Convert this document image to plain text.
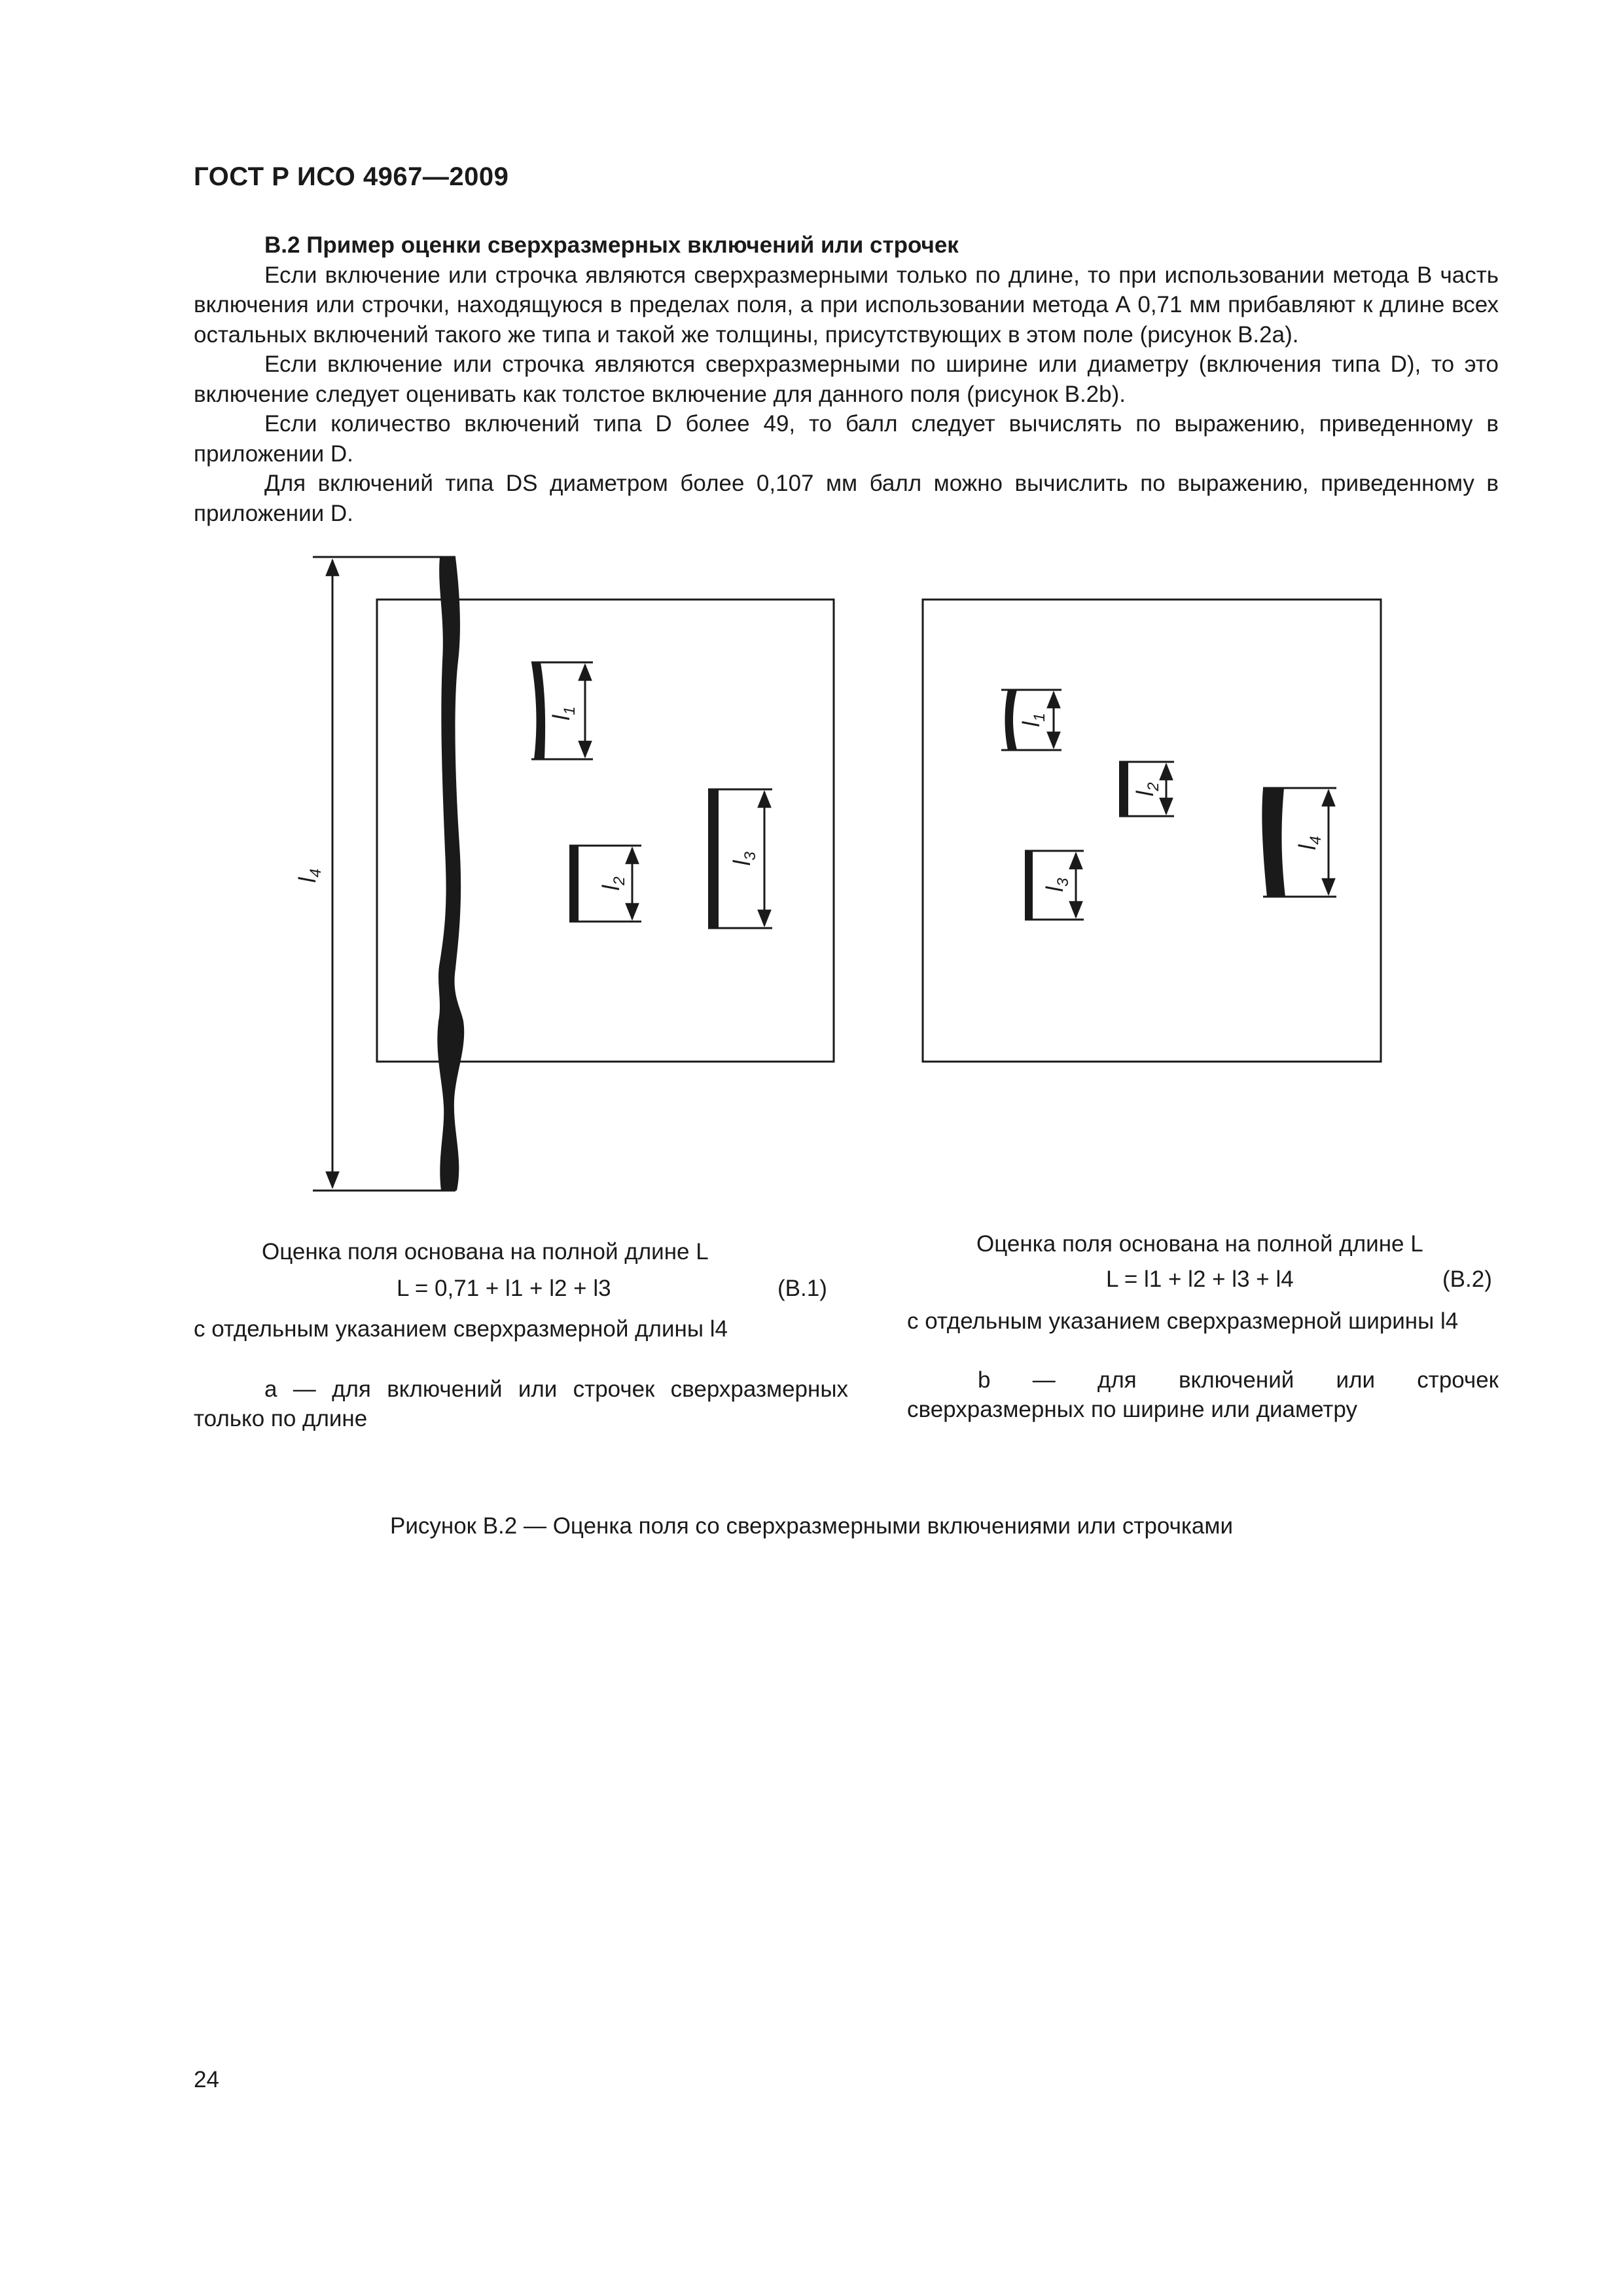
ГОСТ Р ИСО 4967—2009

В.2 Пример оценки сверхразмерных включений или строчек

Если включение или строчка являются сверхразмерными только по длине, то при использовании метода В часть включения или строчки, находящуюся в пределах поля, а при использовании метода А 0,71 мм прибавляют к длине всех остальных включений такого же типа и такой же толщины, присутствующих в этом поле (рисунок В.2a).

Если включение или строчка являются сверхразмерными по ширине или диаметру (включения типа D), то это включение следует оценивать как толстое включение для данного поля (рисунок В.2b).

Если количество включений типа D более 49, то балл следует вычислять по выражению, приведенному в приложении D.

Для включений типа DS диаметром более 0,107 мм балл можно вычислить по выражению, приведенному в приложении D.

$l_1$
$l_2$
$l_3$
$l_4$
$l_1$
$l_2$
$l_3$
$l_4$
Оценка поля основана на полной длине L
L = 0,71 + l1 + l2 + l3	(В.1)
с отдельным указанием сверхразмерной длины l4
a — для включений или строчек сверхразмерных только по длине
Оценка поля основана на полной длине L
L = l1 + l2 + l3 + l4	(В.2)
с отдельным указанием сверхразмерной ширины l4
b — для включений или строчек сверхразмерных по ширине или диаметру
Рисунок В.2 — Оценка поля со сверхразмерными включениями или строчками
24
